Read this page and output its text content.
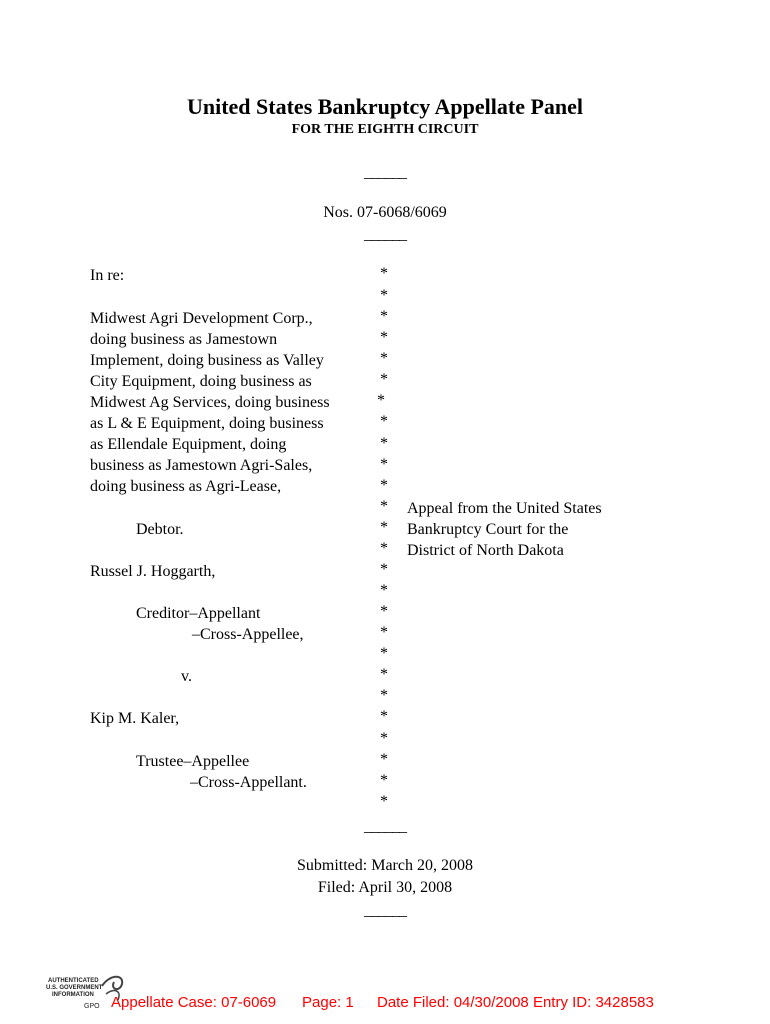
United States Bankruptcy Appellate Panel
FOR THE EIGHTH CIRCUIT
______
Nos. 07-6068/6069
______
In re:
Midwest Agri Development Corp.,
doing business as Jamestown
Implement, doing business as Valley
City Equipment, doing business as
Midwest Ag Services, doing business
as L & E Equipment, doing business
as Ellendale Equipment, doing
business as Jamestown Agri-Sales,
doing business as Agri-Lease,
Debtor.
Russel J. Hoggarth,
Creditor–Appellant
–Cross-Appellee,
v.
Kip M. Kaler,
Trustee–Appellee
–Cross-Appellant.
*
*
*
*
*
*
*
*
*
*
*
*
*
*
*
*
*
*
*
*
*
*
*
*
*
*
Appeal from the United States
Bankruptcy Court for the
District of North Dakota
______
Submitted: March 20, 2008
Filed: April 30, 2008
______
AUTHENTICATED
U.S. GOVERNMENT
INFORMATION
GPO Appellate Case: 07-6069 Page: 1 Date Filed: 04/30/2008 Entry ID: 3428583
